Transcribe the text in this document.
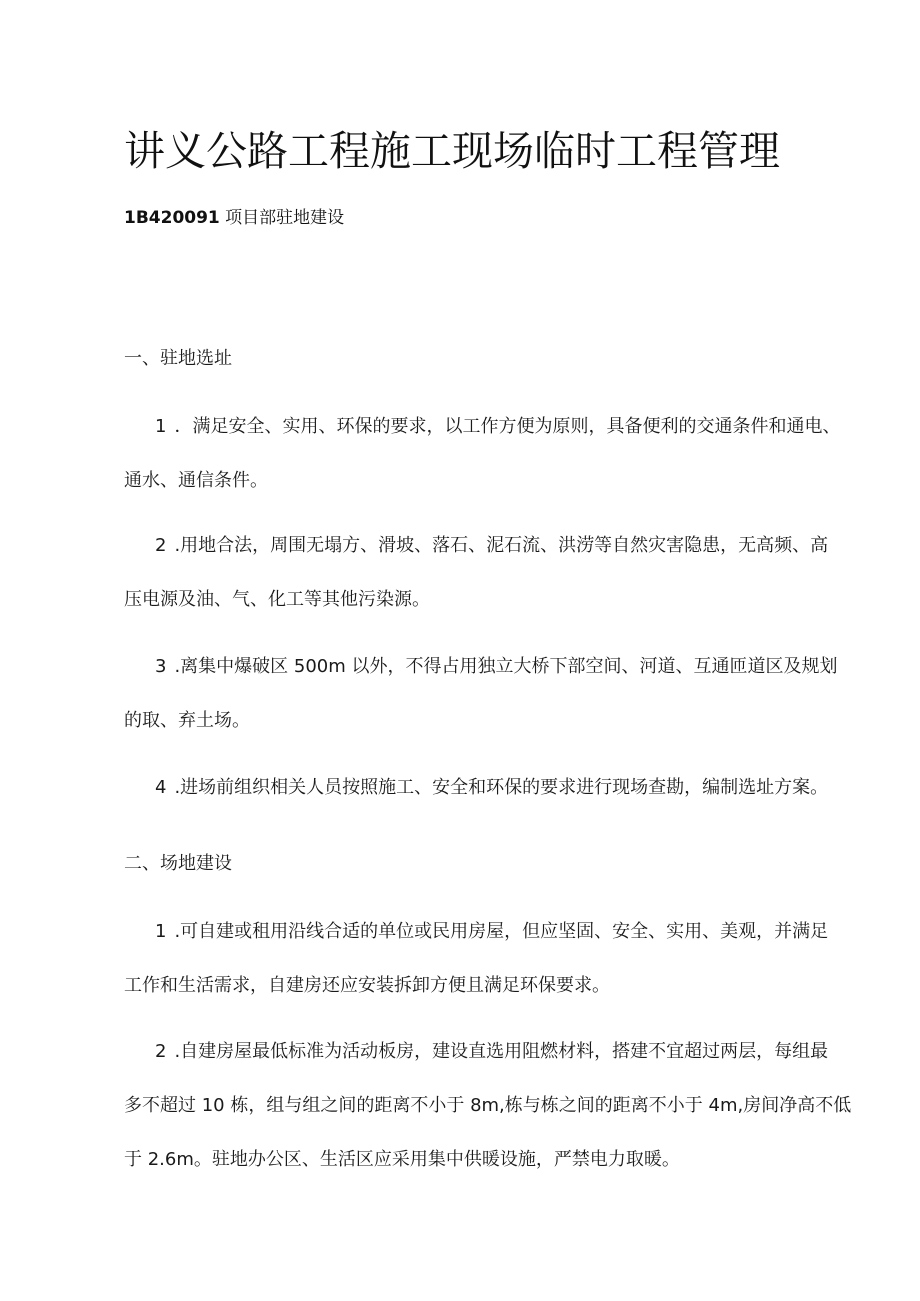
讲义公路工程施工现场临时工程管理

1B420091 项目部驻地建设

一、驻地选址
1 ．满足安全、实用、环保的要求，以工作方便为原则，具备便利的交通条件和通电、
通水、通信条件。
2 .用地合法，周围无塌方、滑坡、落石、泥石流、洪涝等自然灾害隐患，无高频、高
压电源及油、气、化工等其他污染源。
3 .离集中爆破区 500m 以外，不得占用独立大桥下部空间、河道、互通匝道区及规划
的取、弃土场。
4 .进场前组织相关人员按照施工、安全和环保的要求进行现场查勘，编制选址方案。
二、场地建设
1 .可自建或租用沿线合适的单位或民用房屋，但应坚固、安全、实用、美观，并满足
工作和生活需求，自建房还应安装拆卸方便且满足环保要求。
2 .自建房屋最低标准为活动板房，建设直选用阻燃材料，搭建不宜超过两层，每组最
多不超过 10 栋，组与组之间的距离不小于 8m,栋与栋之间的距离不小于 4m,房间净高不低
于 2.6m。驻地办公区、生活区应采用集中供暖设施，严禁电力取暖。
